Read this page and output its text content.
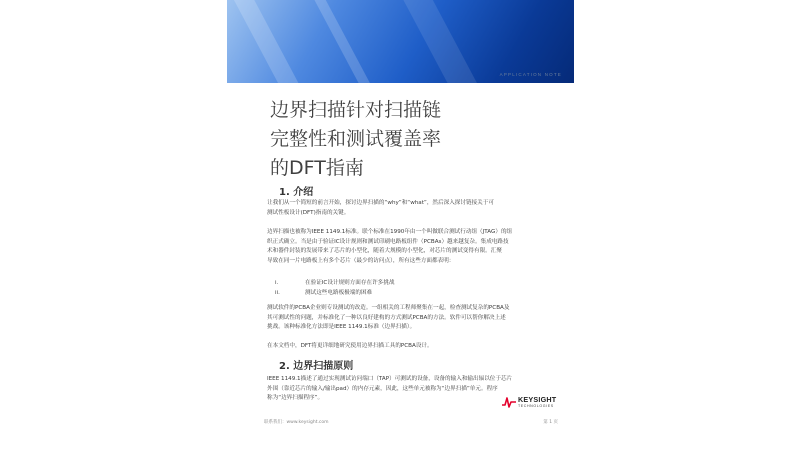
APPLICATION NOTE
边界扫描针对扫描链
完整性和测试覆盖率
的DFT指南
1. 介绍
让我们从一个简短的前言开始，探讨边界扫描的“why”和“what”，然后深入探讨链接关于可
测试性板设计(DFT)指南的关键。
边界扫描也被称为IEEE 1149.1标准。联个标准在1990年由一个叫做联合测试行动组（JTAG）的组
织正式确立。当是由于验证IC设计规则和测试印刷电路板组件（PCBAs）越来越复杂。集成电路技
术和器件封装的发展带来了芯片的小型化，随着大规模的小型化，对芯片的测试变得有限。汇聚
导致在同一片电路板上有多个芯片（最少的访问点），所有这些方面都表明：
i.	在验证IC设计规则方面存在许多挑战
ii.	测试这些电路板极端的困难
测试软件的PCBA企业则专设测试的改造。一组相关的工程师聚集在一起，检查测试复杂的PCBA及
其可测试性的问题，并标准化了一种以良好建构的方式测试PCBA的方法。软件可以帮你解决上述
挑战。该种标准化方法即是IEEE 1149.1标准（边界扫描）。
在本文档中，DFT将更详细地研究使用边界扫描工具的PCBA设计。
2. 边界扫描原则
IEEE 1149.1描述了通过实现测试访问端口（TAP）可测试的设备，设备的输入和输出辐以位于芯片
外围（靠近芯片的输入/输出pad）的内存元素，因此，这些单元被称为“边界扫描”单元。程序
称为“边界扫描程序”。	KEYSIGHT
TECHNOLOGIES
联系我们：www.keysight.com	第 1 页
